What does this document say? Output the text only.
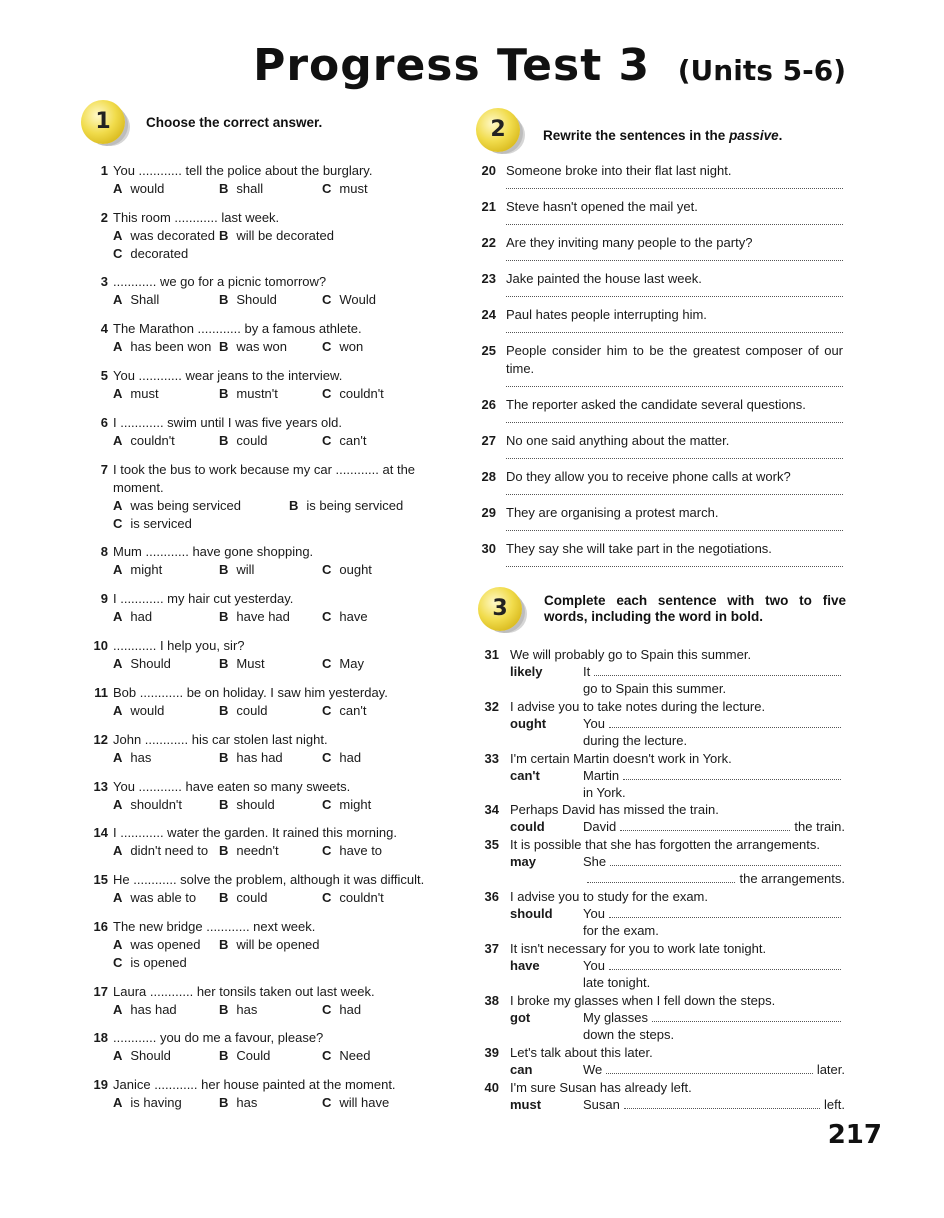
Progress Test 3 (Units 5-6)
1	Choose the correct answer.
1 You ............ tell the police about the burglary.
A would	B shall	C must
2 This room ............ last week.
A was decorated B will be decorated
C decorated
3 ............ we go for a picnic tomorrow?
A Shall	B Should	C Would
4 The Marathon ............ by a famous athlete.
A has been won B was won	C won
5 You ............ wear jeans to the interview.
A must	B mustn't	C couldn't
6 I ............ swim until I was five years old.
A couldn't	B could	C can't
7 I took the bus to work because my car ............ at the moment.
A was being serviced	B is being serviced
C is serviced
8 Mum ............ have gone shopping.
A might	B will	C ought
9 I ............ my hair cut yesterday.
A had	B have had C have
10 ............ I help you, sir?
A Should	B Must	C May
11 Bob ............ be on holiday. I saw him yesterday.
A would	B could	C can't
12 John ............ his car stolen last night.
A has	B has had	C had
13 You ............ have eaten so many sweets.
A shouldn't	B should	C might
14 I ............ water the garden. It rained this morning.
A didn't need to B needn't	C have to
15 He ............ solve the problem, although it was difficult.
A was able to B could	C couldn't
16 The new bridge ............ next week.
A was opened B will be opened
C is opened
17 Laura ............ her tonsils taken out last week.
A has had	B has	C had
18 ............ you do me a favour, please?
A Should	B Could	C Need
19 Janice ............ her house painted at the moment.
A is having	B has	C will have
2	Rewrite the sentences in the passive.
20 Someone broke into their flat last night.
21 Steve hasn't opened the mail yet.
22 Are they inviting many people to the party?
23 Jake painted the house last week.
24 Paul hates people interrupting him.
25 People consider him to be the greatest composer of our time.
26 The reporter asked the candidate several questions.
27 No one said anything about the matter.
28 Do they allow you to receive phone calls at work?
29 They are organising a protest march.
30 They say she will take part in the negotiations.
3	Complete each sentence with two to five words, including the word in bold.
31 We will probably go to Spain this summer.
likely	It
go to Spain this summer.
32 I advise you to take notes during the lecture.
ought	You
during the lecture.
33 I'm certain Martin doesn't work in York.
can't	Martin
in York.
34 Perhaps David has missed the train.
could	David	the train.
35 It is possible that she has forgotten the arrangements.
may	She
the arrangements.
36 I advise you to study for the exam.
should You
for the exam.
37 It isn't necessary for you to work late tonight.
have	You
late tonight.
38 I broke my glasses when I fell down the steps.
got	My glasses
down the steps.
39 Let's talk about this later.
can	We	later.
40 I'm sure Susan has already left.
must	Susan	left.
217
